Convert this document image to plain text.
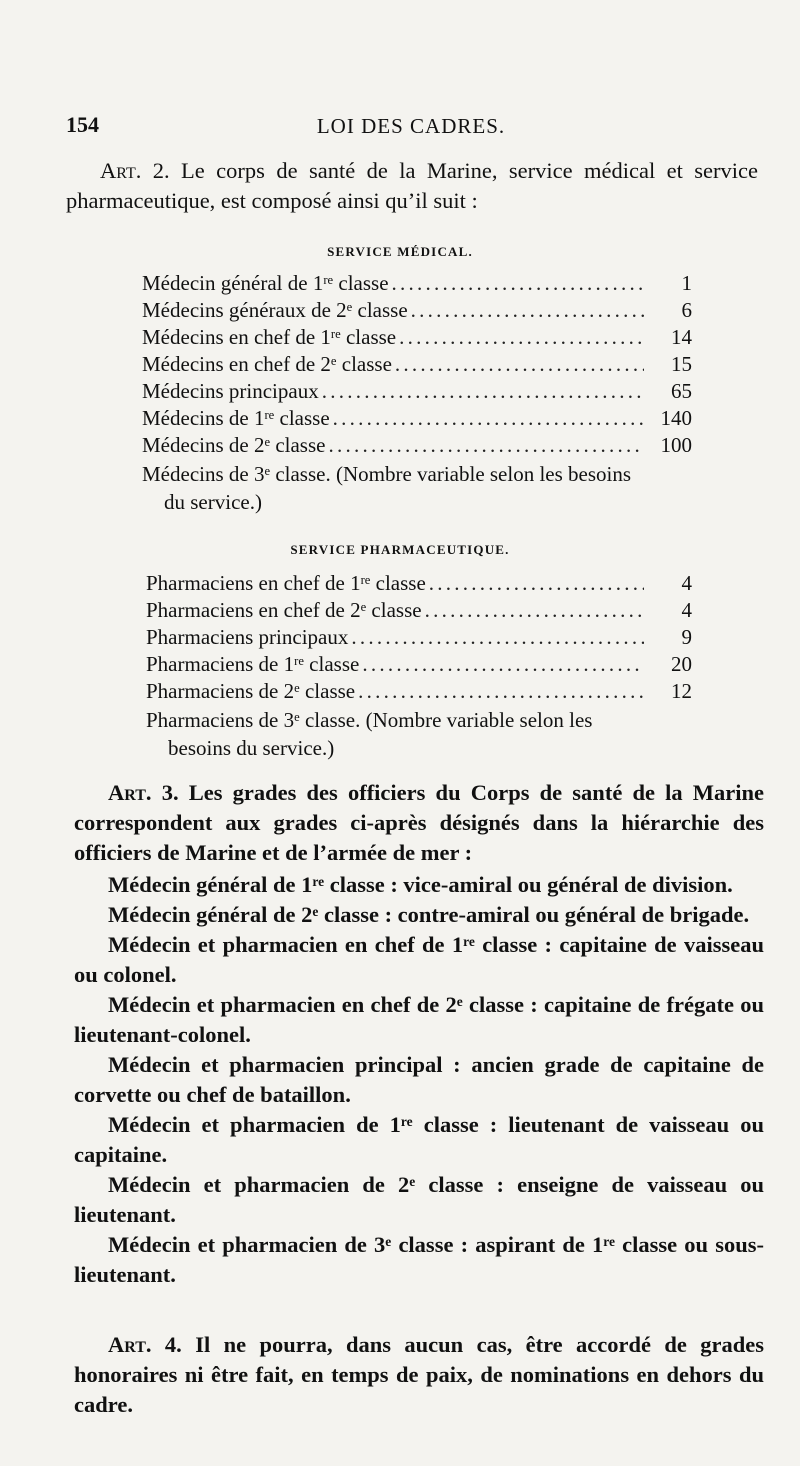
154	LOI DES CADRES.

Art. 2. Le corps de santé de la Marine, service médical et service pharmaceutique, est composé ainsi qu’il suit :

SERVICE MÉDICAL.
Médecin général de 1re classe . . .	1
Médecins généraux de 2e classe . . .	6
Médecins en chef de 1re classe . . .	14
Médecins en chef de 2e classe . . .	15
Médecins principaux . . .	65
Médecins de 1re classe . . .	140
Médecins de 2e classe . . .	100
Médecins de 3e classe. (Nombre variable selon les besoins du service.)
SERVICE PHARMACEUTIQUE.
Pharmaciens en chef de 1re classe . . .	4
Pharmaciens en chef de 2e classe . . .	4
Pharmaciens principaux . . .	9
Pharmaciens de 1re classe . . .	20
Pharmaciens de 2e classe . . .	12
Pharmaciens de 3e classe. (Nombre variable selon les besoins du service.)

Art. 3. Les grades des officiers du Corps de santé de la Marine correspondent aux grades ci-après désignés dans la hiérarchie des officiers de Marine et de l’armée de mer :

Médecin général de 1re classe : vice-amiral ou général de division.
Médecin général de 2e classe : contre-amiral ou général de brigade.
Médecin et pharmacien en chef de 1re classe : capitaine de vaisseau ou colonel.
Médecin et pharmacien en chef de 2e classe : capitaine de frégate ou lieutenant-colonel.
Médecin et pharmacien principal : ancien grade de capitaine de corvette ou chef de bataillon.
Médecin et pharmacien de 1re classe : lieutenant de vaisseau ou capitaine.
Médecin et pharmacien de 2e classe : enseigne de vaisseau ou lieutenant.
Médecin et pharmacien de 3e classe : aspirant de 1re classe ou sous-lieutenant.

Art. 4. Il ne pourra, dans aucun cas, être accordé de grades honoraires ni être fait, en temps de paix, de nominations en dehors du cadre.
